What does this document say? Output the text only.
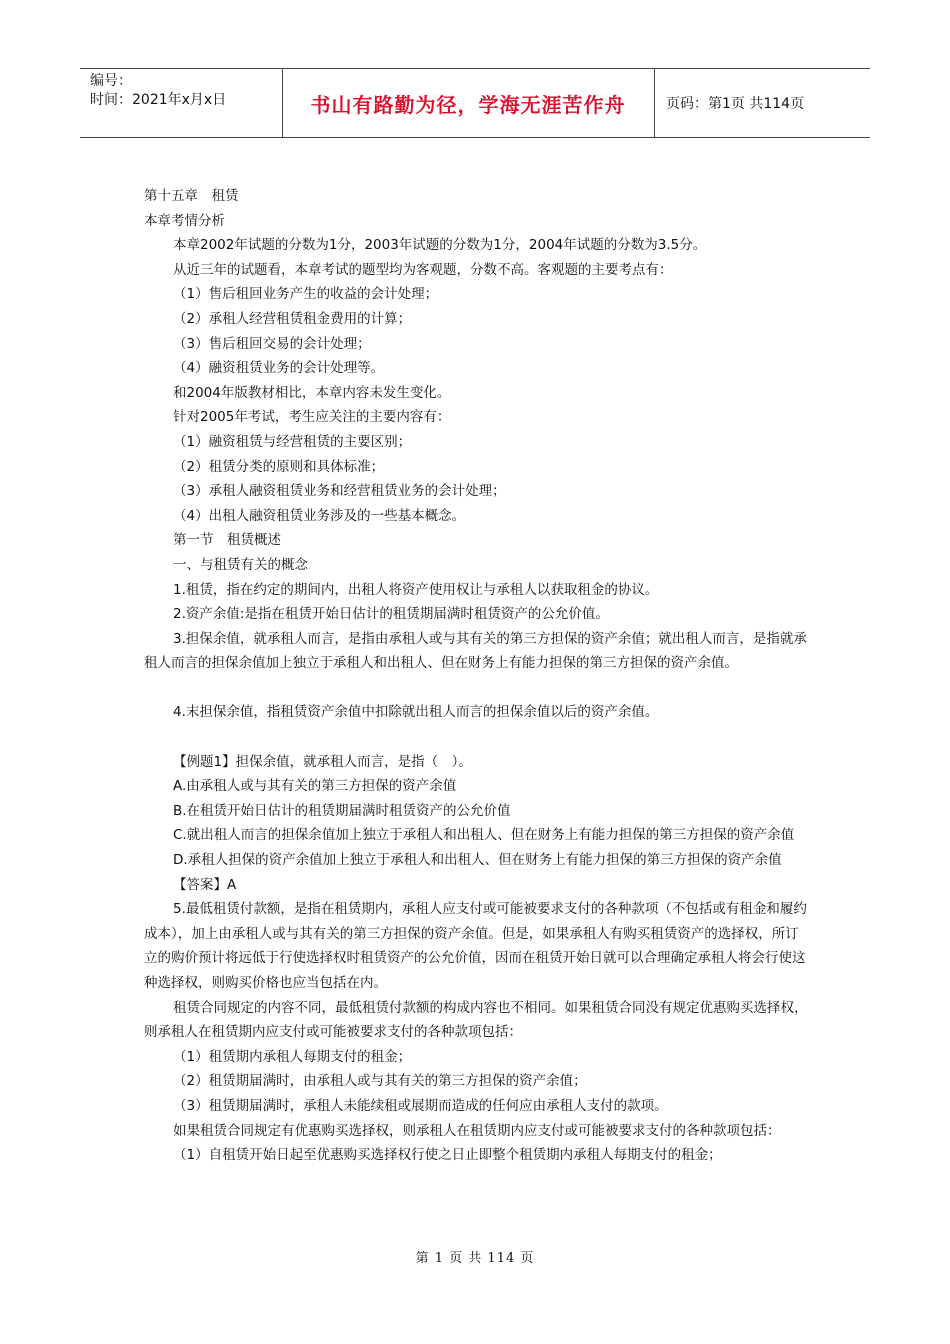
编号：
时间：2021年x月x日	书山有路勤为径，学海无涯苦作舟	页码：第1页 共114页

第十五章　租赁

本章考情分析

本章2002年试题的分数为1分，2003年试题的分数为1分，2004年试题的分数为3.5分。

从近三年的试题看，本章考试的题型均为客观题，分数不高。客观题的主要考点有：

（1）售后租回业务产生的收益的会计处理；

（2）承租人经营租赁租金费用的计算；

（3）售后租回交易的会计处理；

（4）融资租赁业务的会计处理等。

和2004年版教材相比，本章内容未发生变化。

针对2005年考试，考生应关注的主要内容有：

（1）融资租赁与经营租赁的主要区别；

（2）租赁分类的原则和具体标准；

（3）承租人融资租赁业务和经营租赁业务的会计处理；

（4）出租人融资租赁业务涉及的一些基本概念。

第一节　租赁概述

一、与租赁有关的概念

1.租赁，指在约定的期间内，出租人将资产使用权让与承租人以获取租金的协议。

2.资产余值:是指在租赁开始日估计的租赁期届满时租赁资产的公允价值。

3.担保余值，就承租人而言，是指由承租人或与其有关的第三方担保的资产余值；就出租人而言，是指就承租人而言的担保余值加上独立于承租人和出租人、但在财务上有能力担保的第三方担保的资产余值。

4.末担保余值，指租赁资产余值中扣除就出租人而言的担保余值以后的资产余值。

【例题1】担保余值，就承租人而言，是指（　）。

A.由承租人或与其有关的第三方担保的资产余值

B.在租赁开始日估计的租赁期届满时租赁资产的公允价值

C.就出租人而言的担保余值加上独立于承租人和出租人、但在财务上有能力担保的第三方担保的资产余值

D.承租人担保的资产余值加上独立于承租人和出租人、但在财务上有能力担保的第三方担保的资产余值

【答案】A

5.最低租赁付款额，是指在租赁期内，承租人应支付或可能被要求支付的各种款项（不包括或有租金和履约成本），加上由承租人或与其有关的第三方担保的资产余值。但是，如果承租人有购买租赁资产的选择权，所订立的购价预计将远低于行使选择权时租赁资产的公允价值，因而在租赁开始日就可以合理确定承租人将会行使这种选择权，则购买价格也应当包括在内。

租赁合同规定的内容不同，最低租赁付款额的构成内容也不相同。如果租赁合同没有规定优惠购买选择权，则承租人在租赁期内应支付或可能被要求支付的各种款项包括：

（1）租赁期内承租人每期支付的租金；

（2）租赁期届满时，由承租人或与其有关的第三方担保的资产余值；

（3）租赁期届满时，承租人未能续租或展期而造成的任何应由承租人支付的款项。

如果租赁合同规定有优惠购买选择权，则承租人在租赁期内应支付或可能被要求支付的各种款项包括：

（1）自租赁开始日起至优惠购买选择权行使之日止即整个租赁期内承租人每期支付的租金；

第 1 页 共 114 页
